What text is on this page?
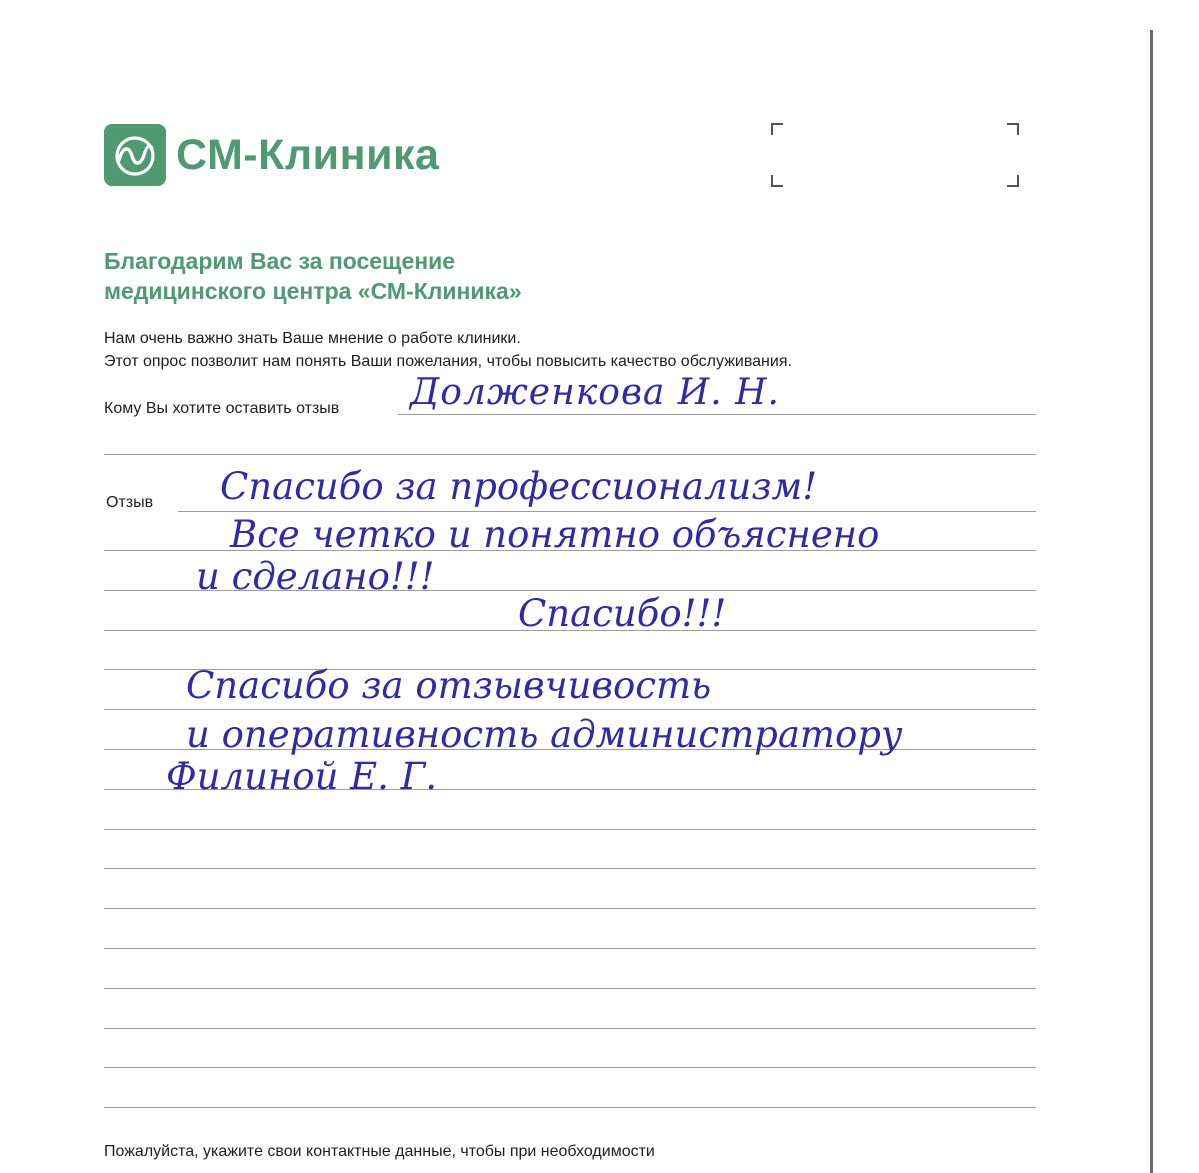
СМ-Клиника
Благодарим Вас за посещение
медицинского центра «СМ-Клиника»
Нам очень важно знать Ваше мнение о работе клиники.
Этот опрос позволит нам понять Ваши пожелания, чтобы повысить качество обслуживания.
Кому Вы хотите оставить отзыв Долженкова И. Н.
Отзыв Спасибо за профессионализм!
Все четко и понятно объяснено
и сделано!!!
Спасибо!!!
Спасибо за отзывчивость
и оперативность администратору
Филиной Е. Г.
Пожалуйста, укажите свои контактные данные, чтобы при необходимости
